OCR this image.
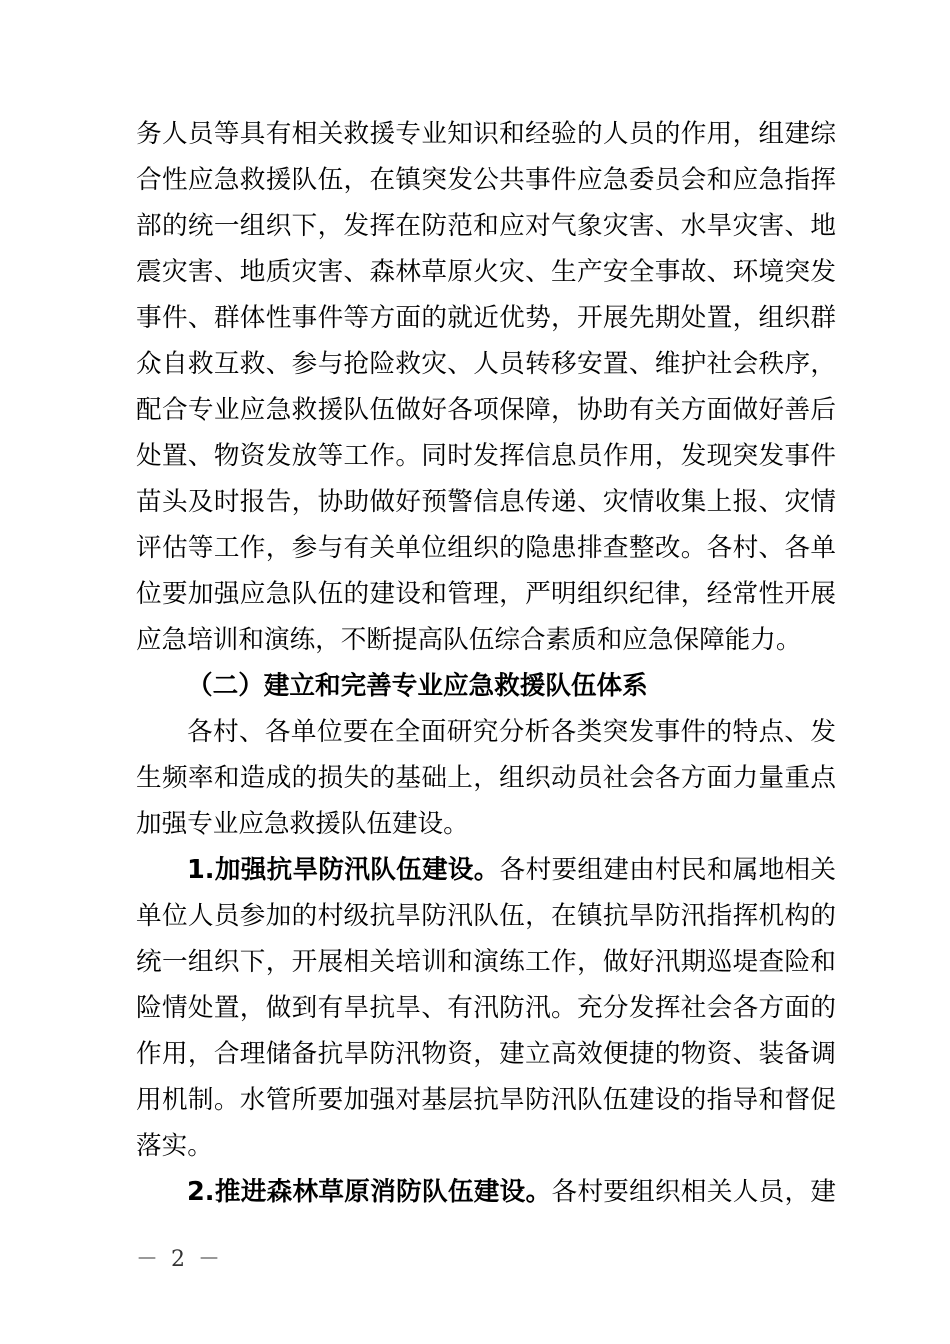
务人员等具有相关救援专业知识和经验的人员的作用，组建综
合性应急救援队伍，在镇突发公共事件应急委员会和应急指挥
部的统一组织下，发挥在防范和应对气象灾害、水旱灾害、地
震灾害、地质灾害、森林草原火灾、生产安全事故、环境突发
事件、群体性事件等方面的就近优势，开展先期处置，组织群
众自救互救、参与抢险救灾、人员转移安置、维护社会秩序，
配合专业应急救援队伍做好各项保障，协助有关方面做好善后
处置、物资发放等工作。同时发挥信息员作用，发现突发事件
苗头及时报告，协助做好预警信息传递、灾情收集上报、灾情
评估等工作，参与有关单位组织的隐患排查整改。各村、各单
位要加强应急队伍的建设和管理，严明组织纪律，经常性开展
应急培训和演练，不断提高队伍综合素质和应急保障能力。
（二）建立和完善专业应急救援队伍体系
各村、各单位要在全面研究分析各类突发事件的特点、发
生频率和造成的损失的基础上，组织动员社会各方面力量重点
加强专业应急救援队伍建设。
1.加强抗旱防汛队伍建设。各村要组建由村民和属地相关
单位人员参加的村级抗旱防汛队伍，在镇抗旱防汛指挥机构的
统一组织下，开展相关培训和演练工作，做好汛期巡堤查险和
险情处置，做到有旱抗旱、有汛防汛。充分发挥社会各方面的
作用，合理储备抗旱防汛物资，建立高效便捷的物资、装备调
用机制。水管所要加强对基层抗旱防汛队伍建设的指导和督促
落实。
2.推进森林草原消防队伍建设。各村要组织相关人员，建
－ 2 －
